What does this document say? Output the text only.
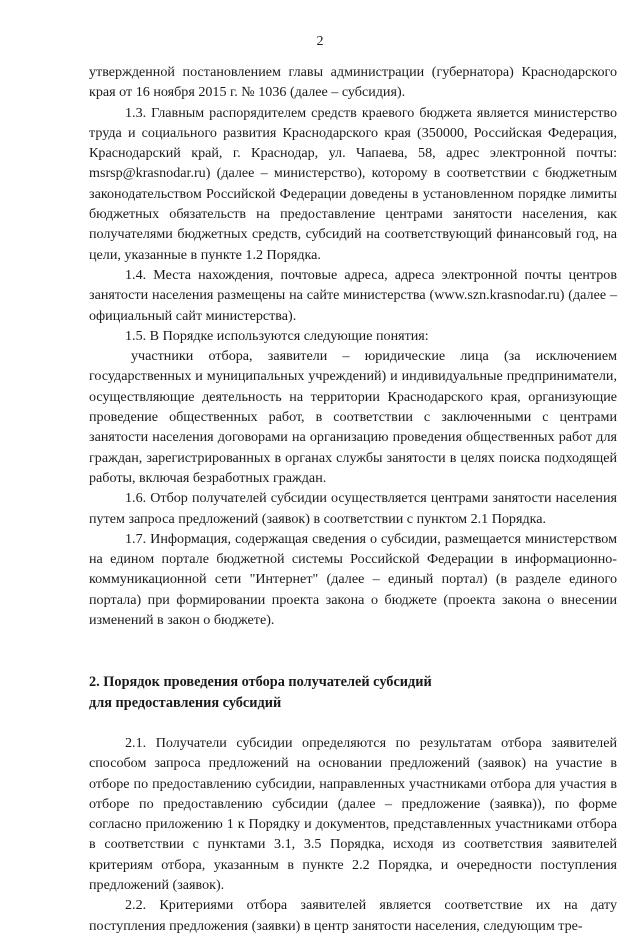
2

утвержденной постановлением главы администрации (губернатора) Краснодарского края от 16 ноября 2015 г. № 1036 (далее – субсидия).

1.3. Главным распорядителем средств краевого бюджета является министерство труда и социального развития Краснодарского края (350000, Российская Федерация, Краснодарский край, г. Краснодар, ул. Чапаева, 58, адрес электронной почты: msrsp@krasnodar.ru) (далее – министерство), которому в соответствии с бюджетным законодательством Российской Федерации доведены в установленном порядке лимиты бюджетных обязательств на предоставление центрами занятости населения, как получателями бюджетных средств, субсидий на соответствующий финансовый год, на цели, указанные в пункте 1.2 Порядка.

1.4. Места нахождения, почтовые адреса, адреса электронной почты центров занятости населения размещены на сайте министерства (www.szn.krasnodar.ru) (далее – официальный сайт министерства).

1.5. В Порядке используются следующие понятия:

участники отбора, заявители – юридические лица (за исключением государственных и муниципальных учреждений) и индивидуальные предприниматели, осуществляющие деятельность на территории Краснодарского края, организующие проведение общественных работ, в соответствии с заключенными с центрами занятости населения договорами на организацию проведения общественных работ для граждан, зарегистрированных в органах службы занятости в целях поиска подходящей работы, включая безработных граждан.

1.6. Отбор получателей субсидии осуществляется центрами занятости населения путем запроса предложений (заявок) в соответствии с пунктом 2.1 Порядка.

1.7. Информация, содержащая сведения о субсидии, размещается министерством на едином портале бюджетной системы Российской Федерации в информационно-коммуникационной сети "Интернет" (далее – единый портал) (в разделе единого портала) при формировании проекта закона о бюджете (проекта закона о внесении изменений в закон о бюджете).

2. Порядок проведения отбора получателей субсидий

для предоставления субсидий

2.1. Получатели субсидии определяются по результатам отбора заявителей способом запроса предложений на основании предложений (заявок) на участие в отборе по предоставлению субсидии, направленных участниками отбора для участия в отборе по предоставлению субсидии (далее – предложение (заявка)), по форме согласно приложению 1 к Порядку и документов, представленных участниками отбора в соответствии с пунктами 3.1, 3.5 Порядка, исходя из соответствия заявителей критериям отбора, указанным в пункте 2.2 Порядка, и очередности поступления предложений (заявок).

2.2. Критериями отбора заявителей является соответствие их на дату поступления предложения (заявки) в центр занятости населения, следующим тре-
